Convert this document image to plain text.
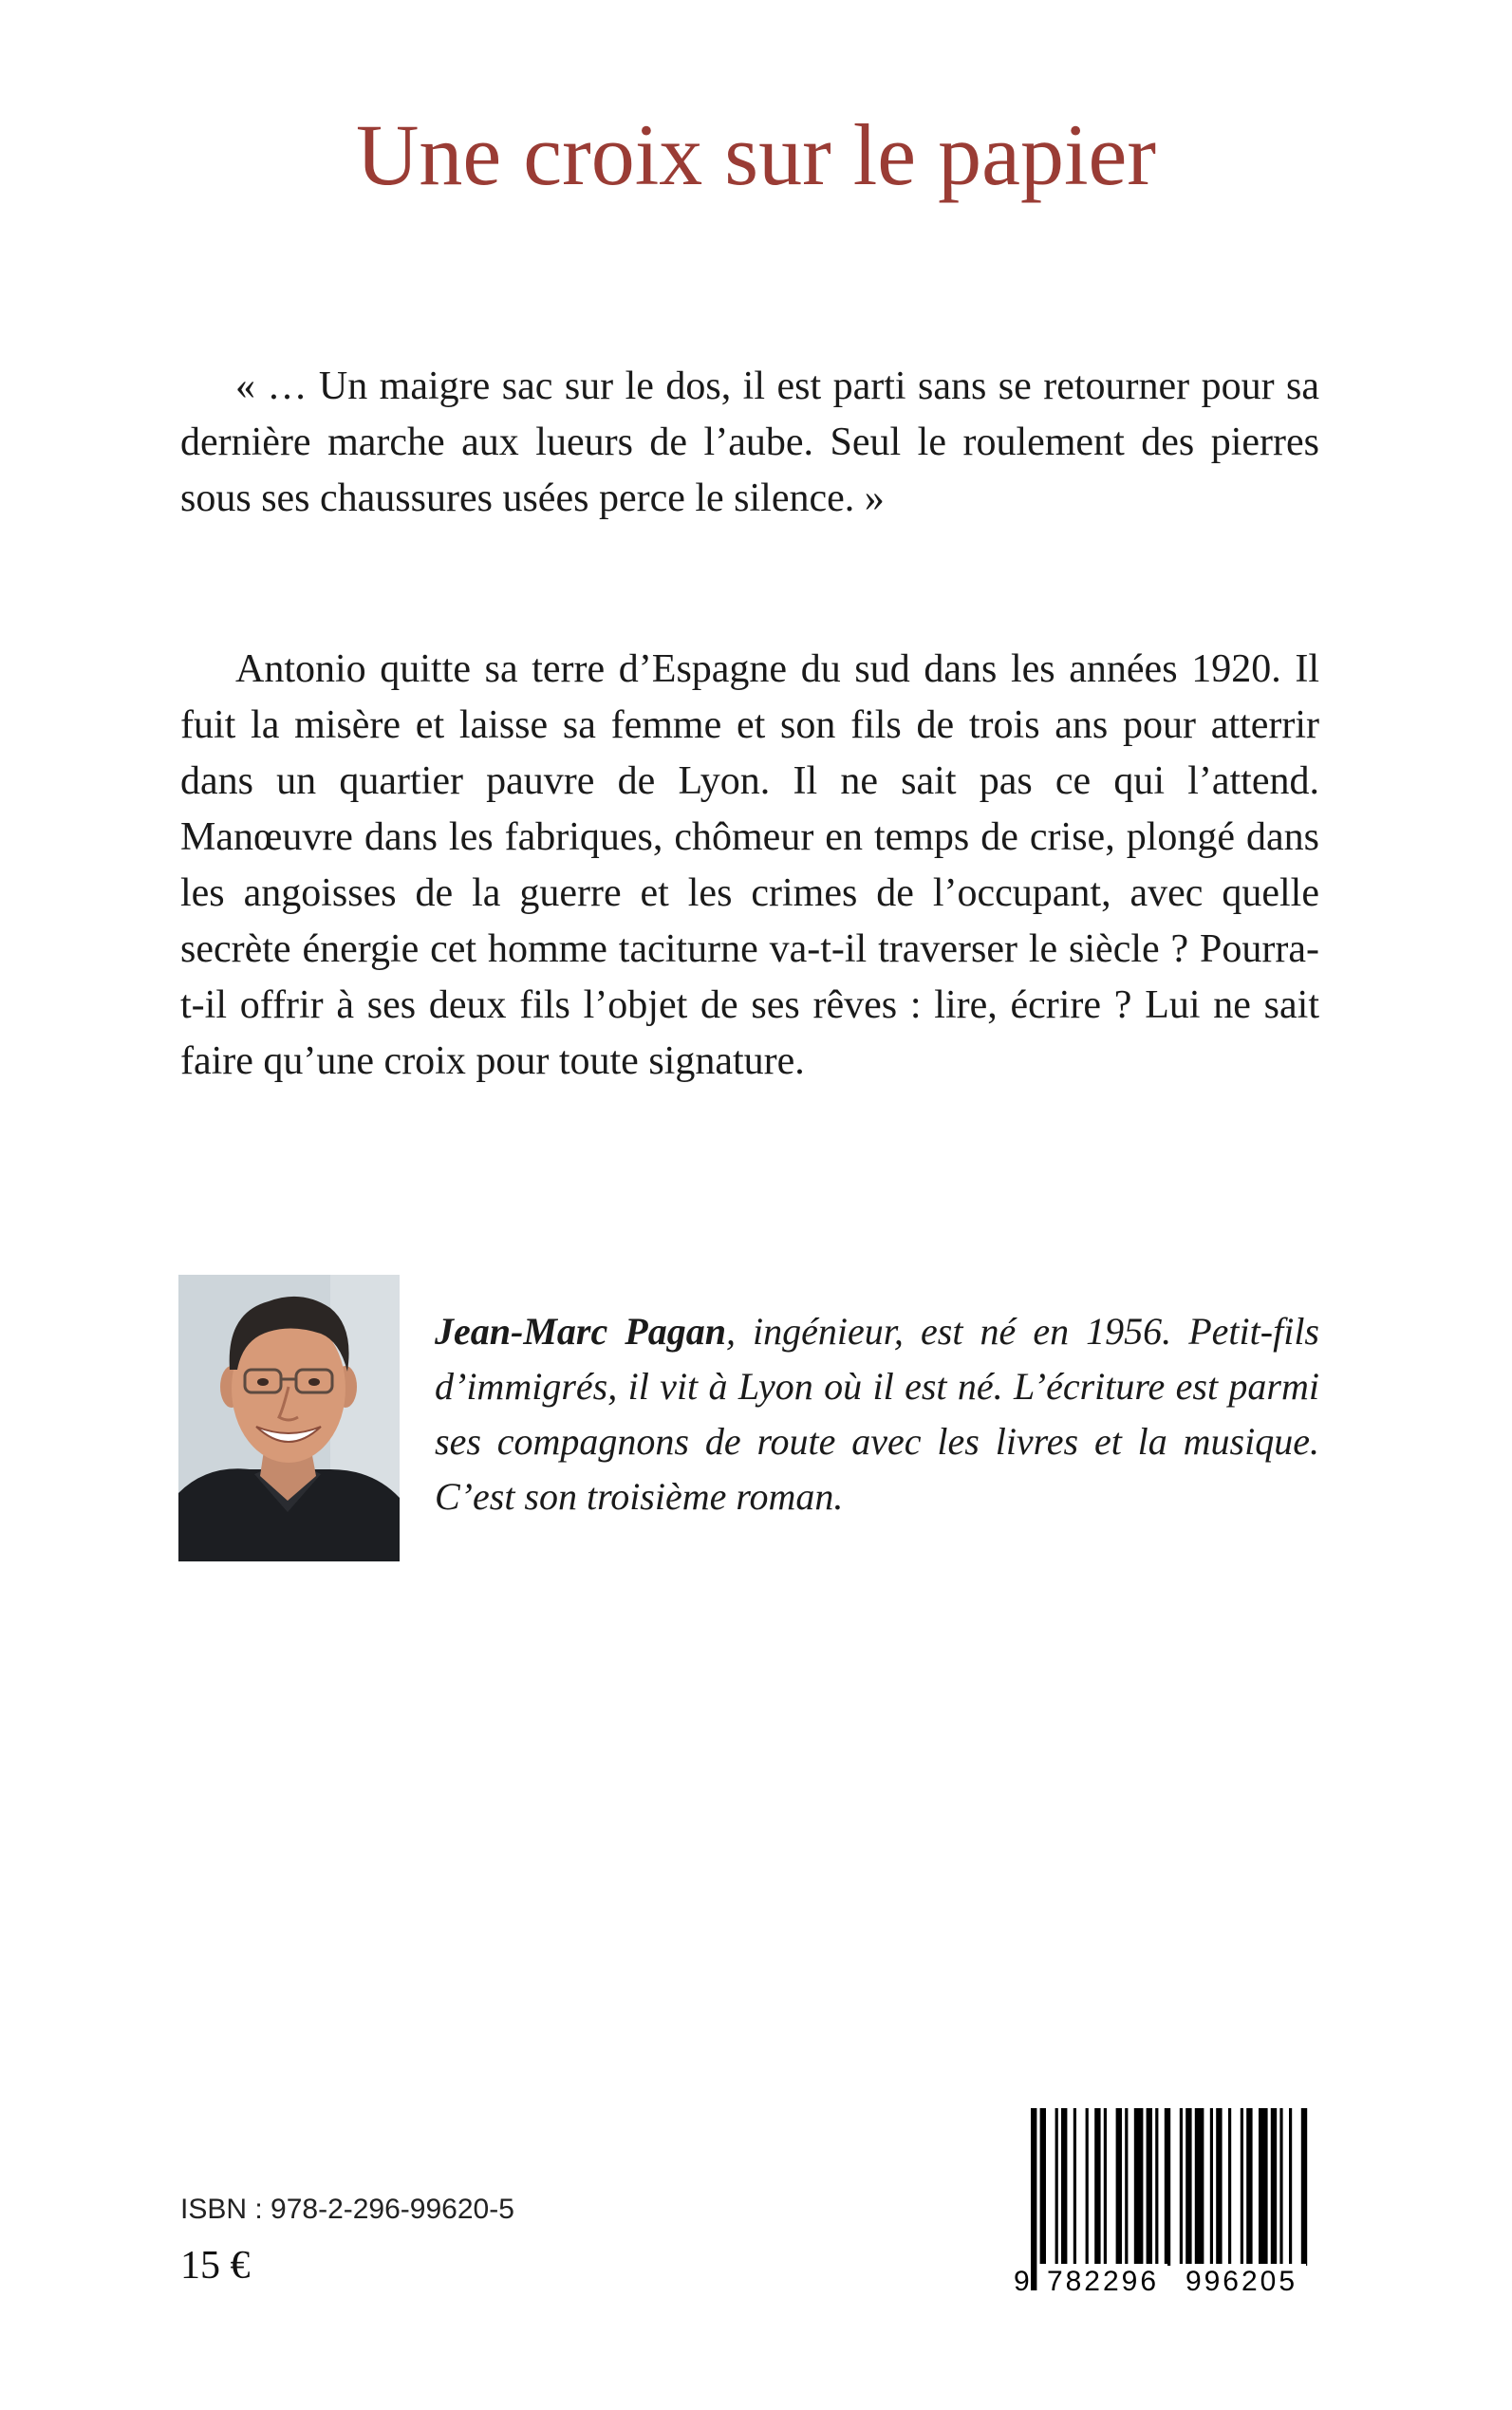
Une croix sur le papier

« … Un maigre sac sur le dos, il est parti sans se retourner pour sa dernière marche aux lueurs de l’aube. Seul le roulement des pierres sous ses chaussures usées perce le silence. »

Antonio quitte sa terre d’Espagne du sud dans les années 1920. Il fuit la misère et laisse sa femme et son fils de trois ans pour atterrir dans un quartier pauvre de Lyon. Il ne sait pas ce qui l’attend. Manœuvre dans les fabriques, chômeur en temps de crise, plongé dans les angoisses de la guerre et les crimes de l’occupant, avec quelle secrète énergie cet homme taciturne va-t-il traverser le siècle ? Pourra-t-il offrir à ses deux fils l’objet de ses rêves : lire, écrire ? Lui ne sait faire qu’une croix pour toute signature.

Jean-Marc Pagan, ingénieur, est né en 1956. Petit-fils d’immigrés, il vit à Lyon où il est né. L’écriture est parmi ses compagnons de route avec les livres et la musique. C’est son troisième roman.

ISBN : 978-2-296-99620-5
15 €	9 782296 996205
